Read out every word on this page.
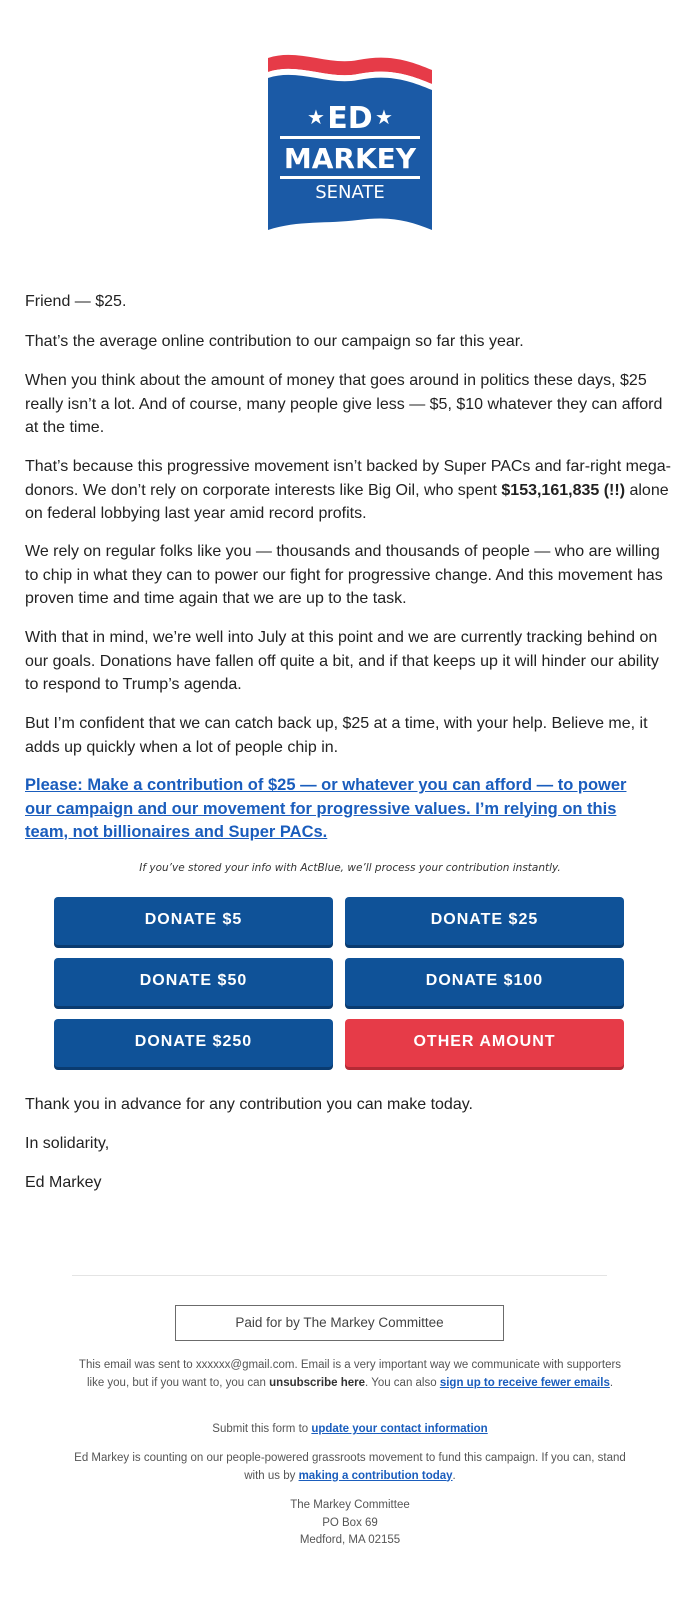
ED
★	★
MARKEY
SENATE

Friend — $25.

That’s the average online contribution to our campaign so far this year.

When you think about the amount of money that goes around in politics these days, $25 really isn’t a lot. And of course, many people give less — $5, $10 whatever they can afford at the time.

That’s because this progressive movement isn’t backed by Super PACs and far-right mega-donors. We don’t rely on corporate interests like Big Oil, who spent $153,161,835 (!!) alone on federal lobbying last year amid record profits.

We rely on regular folks like you — thousands and thousands of people — who are willing to chip in what they can to power our fight for progressive change. And this movement has proven time and time again that we are up to the task.

With that in mind, we’re well into July at this point and we are currently tracking behind on our goals. Donations have fallen off quite a bit, and if that keeps up it will hinder our ability to respond to Trump’s agenda.

But I’m confident that we can catch back up, $25 at a time, with your help. Believe me, it adds up quickly when a lot of people chip in.

Please: Make a contribution of $25 — or whatever you can afford — to power our campaign and our movement for progressive values. I’m relying on this team, not billionaires and Super PACs.

Thank you in advance for any contribution you can make today.

In solidarity,

Ed Markey

If you’ve stored your info with ActBlue, we’ll process your contribution instantly.
DONATE $5	DONATE $25
DONATE $50	DONATE $100
DONATE $250	OTHER AMOUNT
Paid for by The Markey Committee
This email was sent to xxxxxx@gmail.com. Email is a very important way we communicate with supporters like you, but if you want to, you can unsubscribe here. You can also sign up to receive fewer emails.
Submit this form to update your contact information
Ed Markey is counting on our people-powered grassroots movement to fund this campaign. If you can, stand with us by making a contribution today.
The Markey Committee
PO Box 69
Medford, MA 02155
